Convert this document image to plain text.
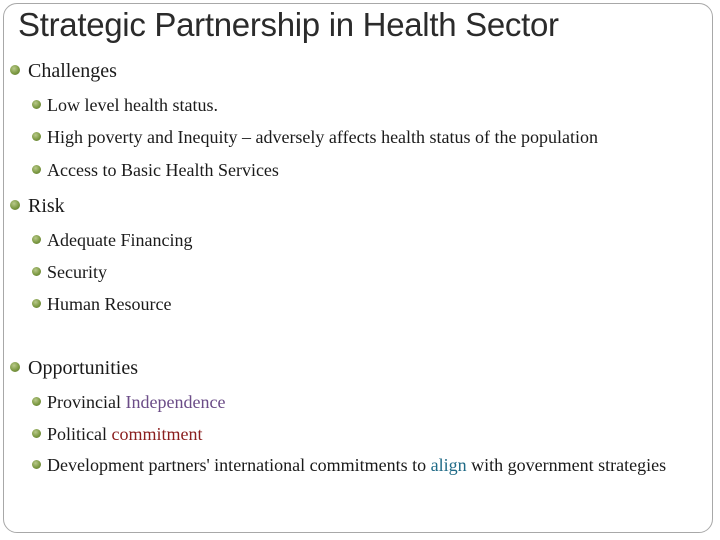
Strategic Partnership in Health Sector
Challenges
Low level health status.
High poverty and Inequity – adversely affects health status of the population
Access to Basic Health Services
Risk
Adequate Financing
Security
Human Resource
Opportunities
Provincial Independence
Political commitment
Development partners' international commitments to align with government strategies
